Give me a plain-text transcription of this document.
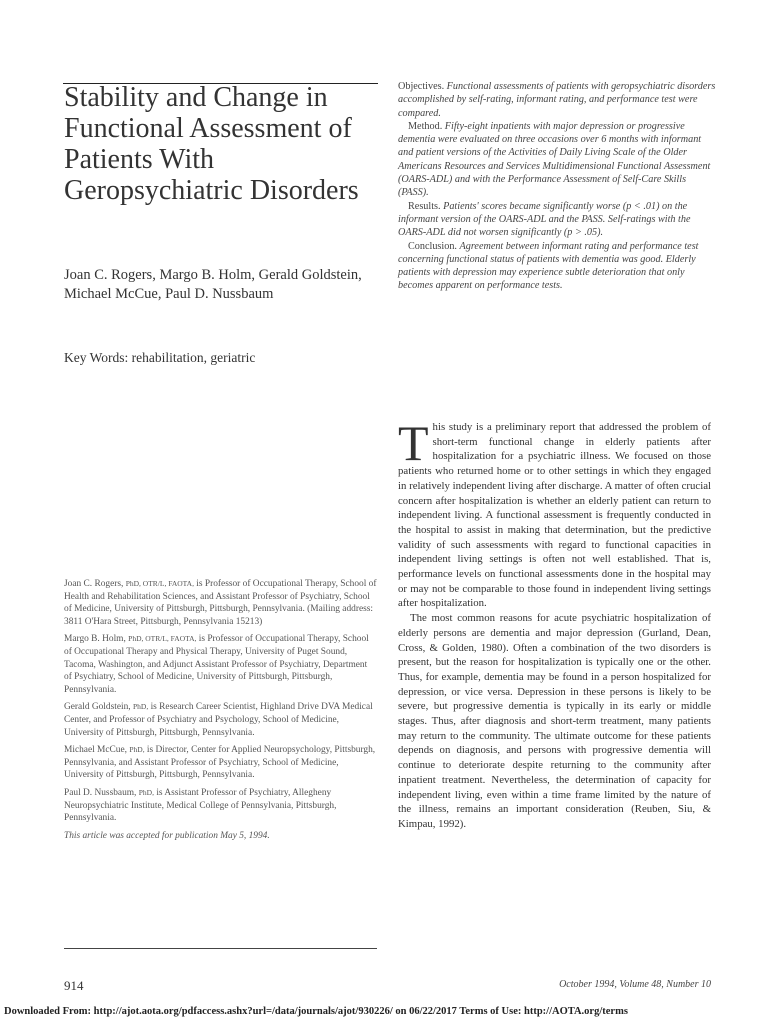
Stability and Change in Functional Assessment of Patients With Geropsychiatric Disorders
Joan C. Rogers, Margo B. Holm, Gerald Goldstein, Michael McCue, Paul D. Nussbaum
Key Words: rehabilitation, geriatric

Objectives. Functional assessments of patients with geropsychiatric disorders accomplished by self-rating, informant rating, and performance test were compared.

Method. Fifty-eight inpatients with major depression or progressive dementia were evaluated on three occasions over 6 months with informant and patient versions of the Activities of Daily Living Scale of the Older Americans Resources and Services Multidimensional Functional Assessment (OARS-ADL) and with the Performance Assessment of Self-Care Skills (PASS).

Results. Patients' scores became significantly worse (p < .01) on the informant version of the OARS-ADL and the PASS. Self-ratings with the OARS-ADL did not worsen significantly (p > .05).

Conclusion. Agreement between informant rating and performance test concerning functional status of patients with dementia was good. Elderly patients with depression may experience subtle deterioration that only becomes apparent on performance tests.

This study is a preliminary report that addressed the problem of short-term functional change in elderly patients after hospitalization for a psychiatric illness. We focused on those patients who returned home or to other settings in which they engaged in relatively independent living after discharge. A matter of often crucial concern after hospitalization is whether an elderly patient can return to independent living. A functional assessment is frequently conducted in the hospital to assist in making that determination, but the predictive validity of such assessments with regard to functional capacities in independent living settings is often not well established. That is, performance levels on functional assessments done in the hospital may or may not be comparable to those found in independent living settings after hospitalization.

The most common reasons for acute psychiatric hospitalization of elderly persons are dementia and major depression (Gurland, Dean, Cross, & Golden, 1980). Often a combination of the two disorders is present, but the reason for hospitalization is typically one or the other. Thus, for example, dementia may be found in a person hospitalized for depression, or vice versa. Depression in these persons is likely to be severe, but progressive dementia is typically in its early or middle stages. Thus, after diagnosis and short-term treatment, many patients may return to the community. The ultimate outcome for these patients depends on diagnosis, and persons with progressive dementia will continue to deteriorate despite returning to the community after inpatient treatment. Nevertheless, the determination of capacity for independent living, even within a time frame limited by the nature of the illness, remains an important consideration (Reuben, Siu, & Kimpau, 1992).

Joan C. Rogers, PhD, OTR/L, FAOTA, is Professor of Occupational Therapy, School of Health and Rehabilitation Sciences, and Assistant Professor of Psychiatry, School of Medicine, University of Pittsburgh, Pittsburgh, Pennsylvania. (Mailing address: 3811 O'Hara Street, Pittsburgh, Pennsylvania 15213)

Margo B. Holm, PhD, OTR/L, FAOTA, is Professor of Occupational Therapy, School of Occupational Therapy and Physical Therapy, University of Puget Sound, Tacoma, Washington, and Adjunct Assistant Professor of Psychiatry, Department of Psychiatry, School of Medicine, University of Pittsburgh, Pittsburgh, Pennsylvania.

Gerald Goldstein, PhD, is Research Career Scientist, Highland Drive DVA Medical Center, and Professor of Psychiatry and Psychology, School of Medicine, University of Pittsburgh, Pittsburgh, Pennsylvania.

Michael McCue, PhD, is Director, Center for Applied Neuropsychology, Pittsburgh, Pennsylvania, and Assistant Professor of Psychiatry, School of Medicine, University of Pittsburgh, Pittsburgh, Pennsylvania.

Paul D. Nussbaum, PhD, is Assistant Professor of Psychiatry, Allegheny Neuropsychiatric Institute, Medical College of Pennsylvania, Pittsburgh, Pennsylvania.

This article was accepted for publication May 5, 1994.

914	October 1994, Volume 48, Number 10
Downloaded From: http://ajot.aota.org/pdfaccess.ashx?url=/data/journals/ajot/930226/ on 06/22/2017 Terms of Use: http://AOTA.org/terms
